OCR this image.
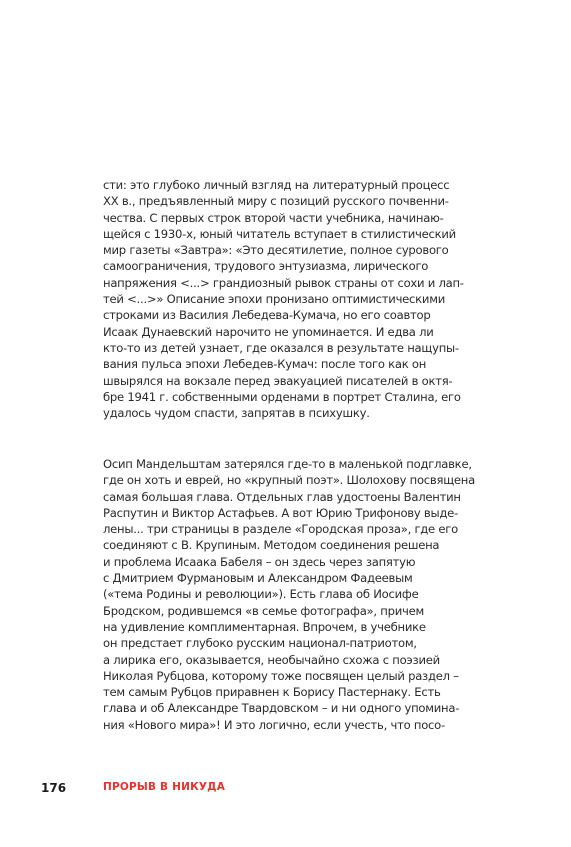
сти: это глубоко личный взгляд на литературный процесс
XX в., предъявленный миру с позиций русского почвенни-
чества. С первых строк второй части учебника, начинаю-
щейся с 1930-х, юный читатель вступает в стилистический
мир газеты «Завтра»: «Это десятилетие, полное сурового
самоограничения, трудового энтузиазма, лирического
напряжения <...> грандиозный рывок страны от сохи и лап-
тей <...>» Описание эпохи пронизано оптимистическими
строками из Василия Лебедева-Кумача, но его соавтор
Исаак Дунаевский нарочито не упоминается. И едва ли
кто-то из детей узнает, где оказался в результате нащупы-
вания пульса эпохи Лебедев-Кумач: после того как он
швырялся на вокзале перед эвакуацией писателей в октя-
бре 1941 г. собственными орденами в портрет Сталина, его
удалось чудом спасти, запрятав в психушку.
Осип Мандельштам затерялся где-то в маленькой подглавке,
где он хоть и еврей, но «крупный поэт». Шолохову посвящена
самая большая глава. Отдельных глав удостоены Валентин
Распутин и Виктор Астафьев. А вот Юрию Трифонову выде-
лены... три страницы в разделе «Городская проза», где его
соединяют с В. Крупиным. Методом соединения решена
и проблема Исаака Бабеля – он здесь через запятую
с Дмитрием Фурмановым и Александром Фадеевым
(«тема Родины и революции»). Есть глава об Иосифе
Бродском, родившемся «в семье фотографа», причем
на удивление комплиментарная. Впрочем, в учебнике
он предстает глубоко русским национал-патриотом,
а лирика его, оказывается, необычайно схожа с поэзией
Николая Рубцова, которому тоже посвящен целый раздел –
тем самым Рубцов приравнен к Борису Пастернаку. Есть
глава и об Александре Твардовском – и ни одного упомина-
ния «Нового мира»! И это логично, если учесть, что посо-
176	ПРОРЫВ В НИКУДА
